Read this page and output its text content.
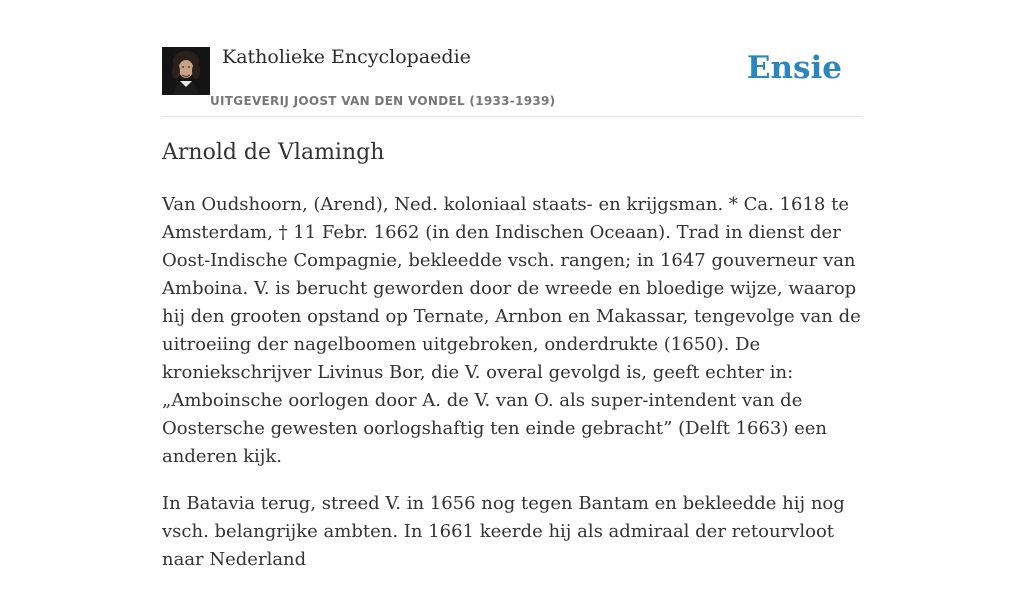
Katholieke Encyclopaedie
UITGEVERIJ JOOST VAN DEN VONDEL (1933-1939)
Ensie
Arnold de Vlamingh

Van Oudshoorn, (Arend), Ned. koloniaal staats- en krijgsman. * Ca. 1618 te Amsterdam, † 11 Febr. 1662 (in den Indischen Oceaan). Trad in dienst der Oost-Indische Compagnie, bekleedde vsch. rangen; in 1647 gouverneur van Amboina. V. is berucht geworden door de wreede en bloedige wijze, waarop hij den grooten opstand op Ternate, Arnbon en Makassar, tengevolge van de uitroeiing der nagelboomen uitgebroken, onderdrukte (1650). De kroniekschrijver Livinus Bor, die V. overal gevolgd is, geeft echter in: „Amboinsche oorlogen door A. de V. van O. als super-intendent van de Oostersche gewesten oorlogshaftig ten einde gebracht” (Delft 1663) een anderen kijk.

In Batavia terug, streed V. in 1656 nog tegen Bantam en bekleedde hij nog vsch. belangrijke ambten. In 1661 keerde hij als admiraal der retourvloot naar Nederland
